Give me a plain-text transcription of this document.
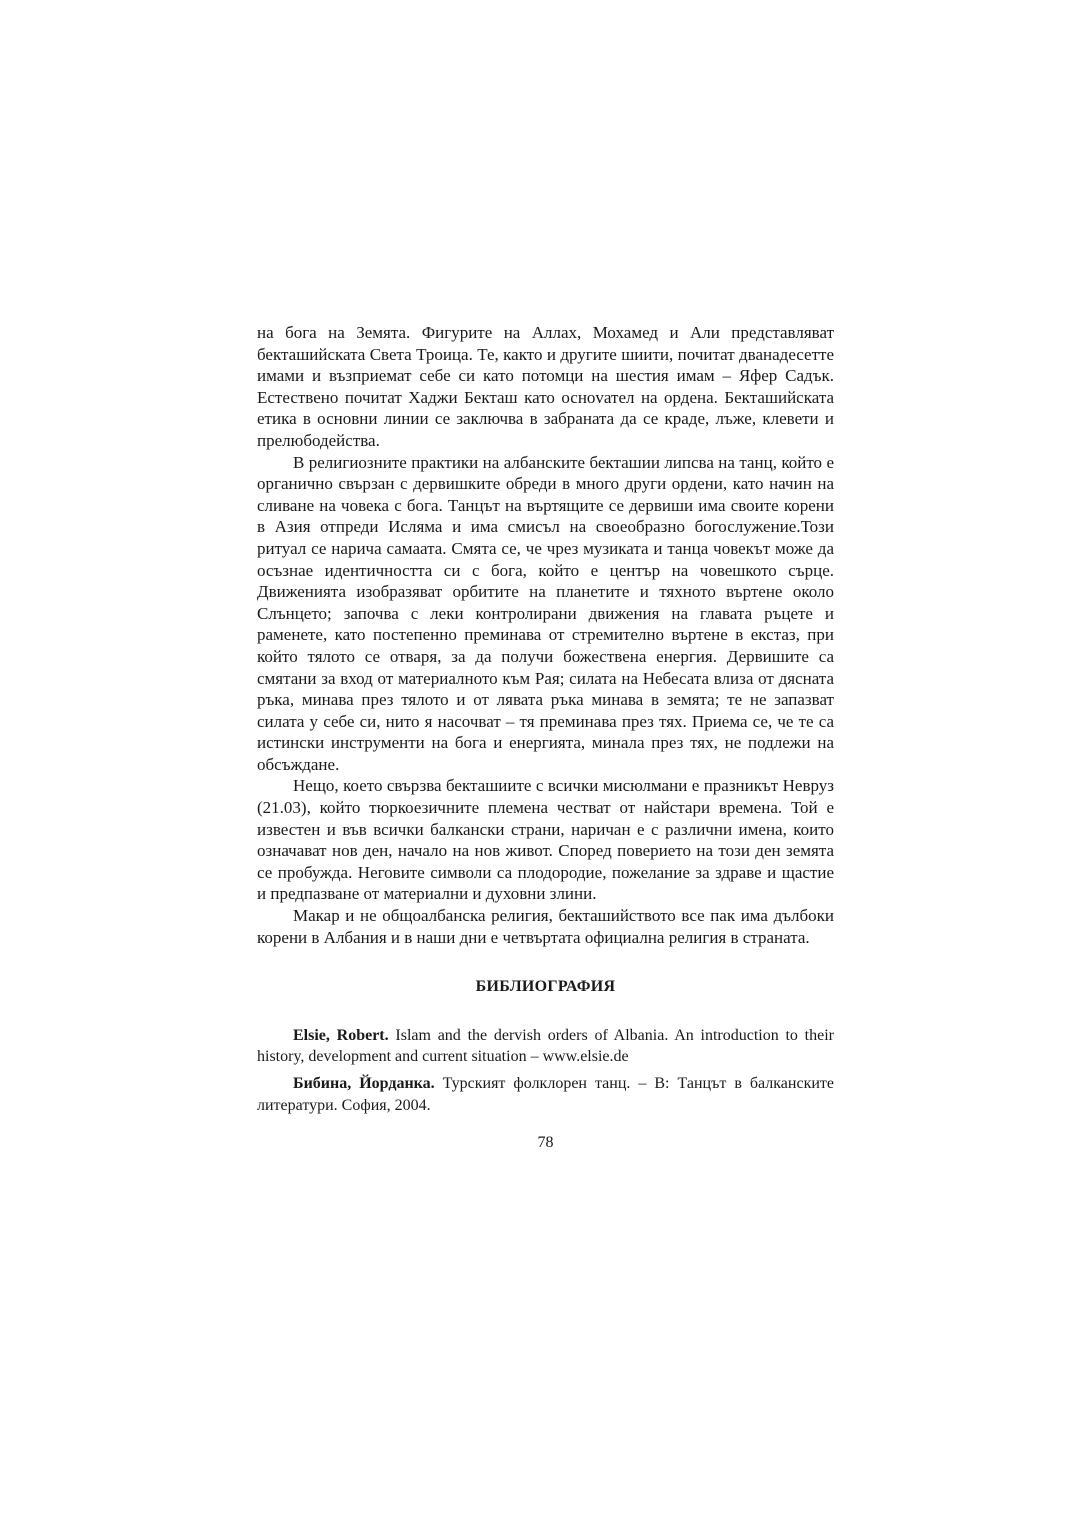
на бога на Земята. Фигурите на Аллах, Мохамед и Али представляват бекташийската Света Троица. Те, както и другите шиити, почитат дванадесетте имами и възприемат себе си като потомци на шестия имам – Яфер Садък. Естествено почитат Хаджи Бекташ като осноvател на ордена. Бекташийската етика в основни линии се заключва в забраната да се краде, лъже, клевети и прелюбодейства.

В религиозните практики на албанските бекташии липсва на танц, който е органично свързан с дервишките обреди в много други ордени, като начин на сливане на човека с бога. Танцът на въртящите се дервиши има своите корени в Азия отпреди Исляма и има смисъл на своеобразно богослужение.Този ритуал се нарича самаата. Смята се, че чрез музиката и танца човекът може да осъзнае идентичността си с бога, който е център на човешкото сърце. Движенията изобразяват орбитите на планетите и тяхното въртене около Слънцето; започва с леки контролирани движения на главата ръцете и раменете, като постепенно преминава от стремително въртене в екстаз, при който тялото се отваря, за да получи божествена енергия. Дервишите са смятани за вход от материалното към Рая; силата на Небесата влиза от дясната ръка, минава през тялото и от лявата ръка минава в земята; те не запазват силата у себе си, нито я насочват – тя преминава през тях. Приема се, че те са истински инструменти на бога и енергията, минала през тях, не подлежи на обсъждане.

Нещо, което свързва бекташиите с всички мисюлмани е празникът Невруз (21.03), който тюркоезичните племена честват от найстари времена. Той е известен и във всички балкански страни, наричан е с различни имена, които означават нов ден, начало на нов живот. Според поверието на този ден земята се пробужда. Неговите символи са плодородие, пожелание за здраве и щастие и предпазване от материални и духовни злини.

Макар и не общоалбанска религия, бекташийството все пак има дълбоки корени в Албания и в наши дни е четвъртата официална религия в страната.

БИБЛИОГРАФИЯ

Elsie, Robert. Islam and the dervish orders of Albania. An introduction to their history, development and current situation – www.elsie.de

Бибина, Йорданка. Турският фолклорен танц. – В: Танцът в балканските литератури. София, 2004.

78
